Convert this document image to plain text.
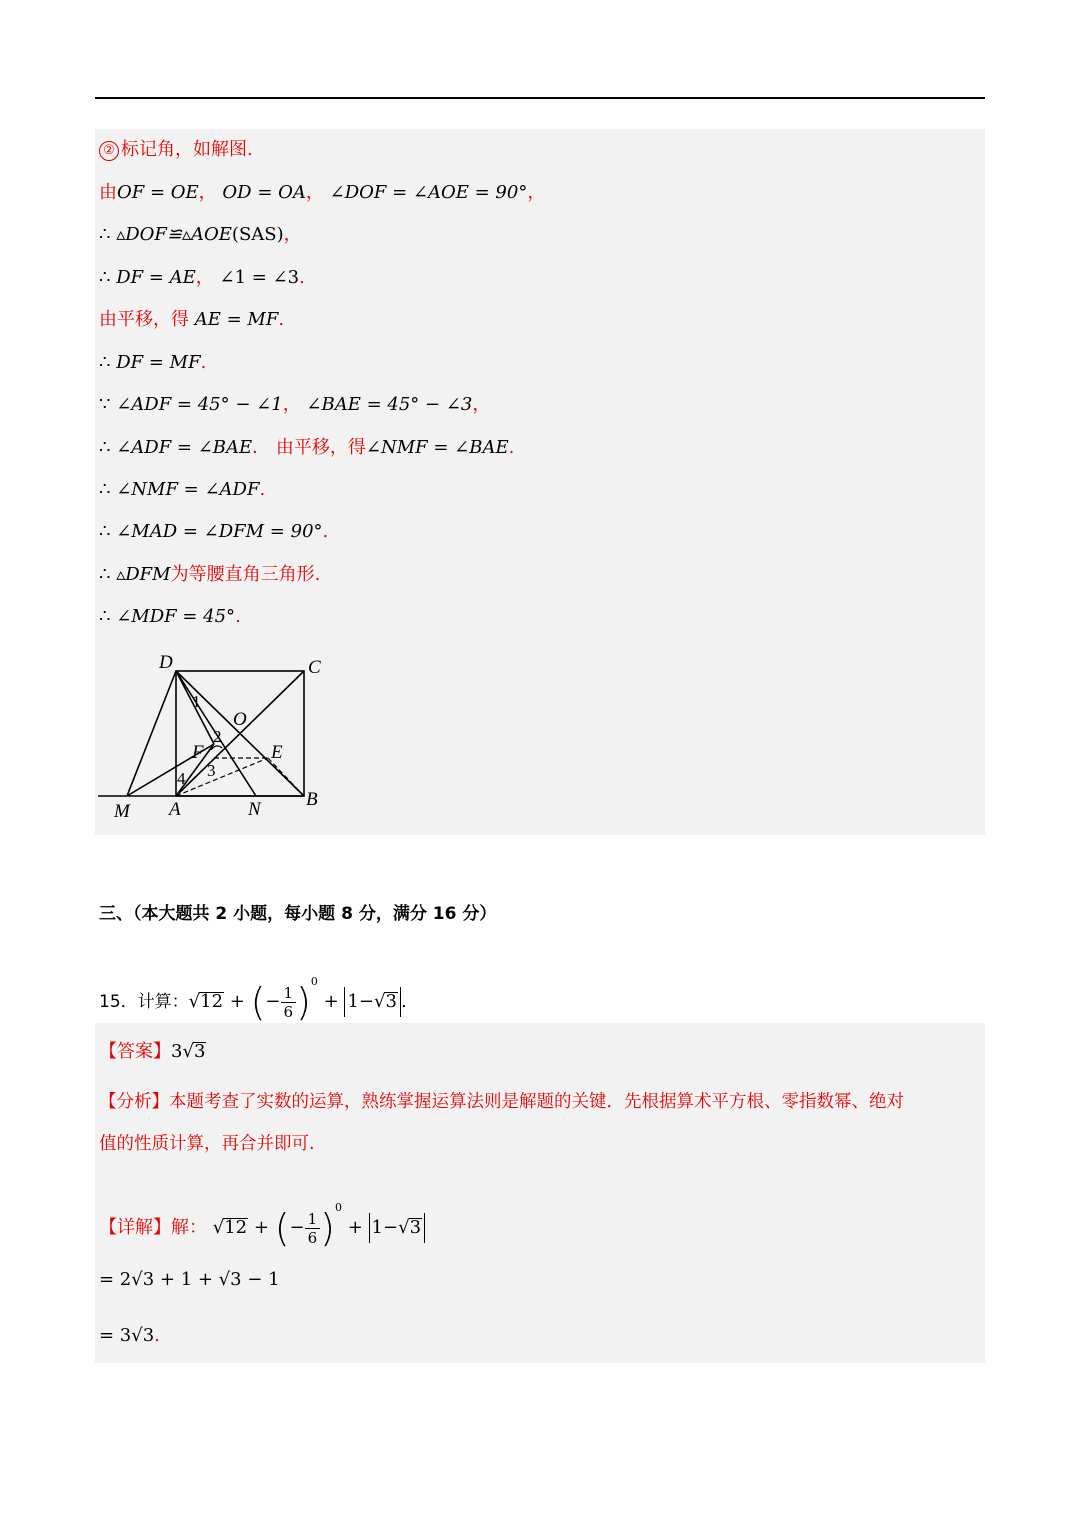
② 标记角，如解图.
由OF = OE， OD = OA， ∠DOF = ∠AOE = 90°，
∴ ▵DOF≌▵AOE(SAS)，
∴ DF = AE， ∠1 = ∠3.
由平移，得 AE = MF.
∴ DF = MF.
∵ ∠ADF = 45° − ∠1， ∠BAE = 45° − ∠3，
∴ ∠ADF = ∠BAE． 由平移，得∠NMF = ∠BAE.
∴ ∠NMF = ∠ADF.
∴ ∠MAD = ∠DFM = 90°.
∴ ▵DFM为等腰直角三角形.
∴ ∠MDF = 45°.
D	C
O
F	E
M A	N B
1
2
3
4
三、（本大题共 2 小题，每小题 8 分，满分 16 分）
15．计算：√12 + (− $\frac{1}{6} )^0 + 1-√3$ .
【答案】3√3
【分析】本题考查了实数的运算，熟练掌握运算法则是解题的关键．先根据算术平方根、零指数幂、绝对
值的性质计算，再合并即可.
【详解】解： √12 + (− $\frac{1}{6} )^0 + 1-√3$
= 2√3 + 1 + √3 − 1
= 3√3.
